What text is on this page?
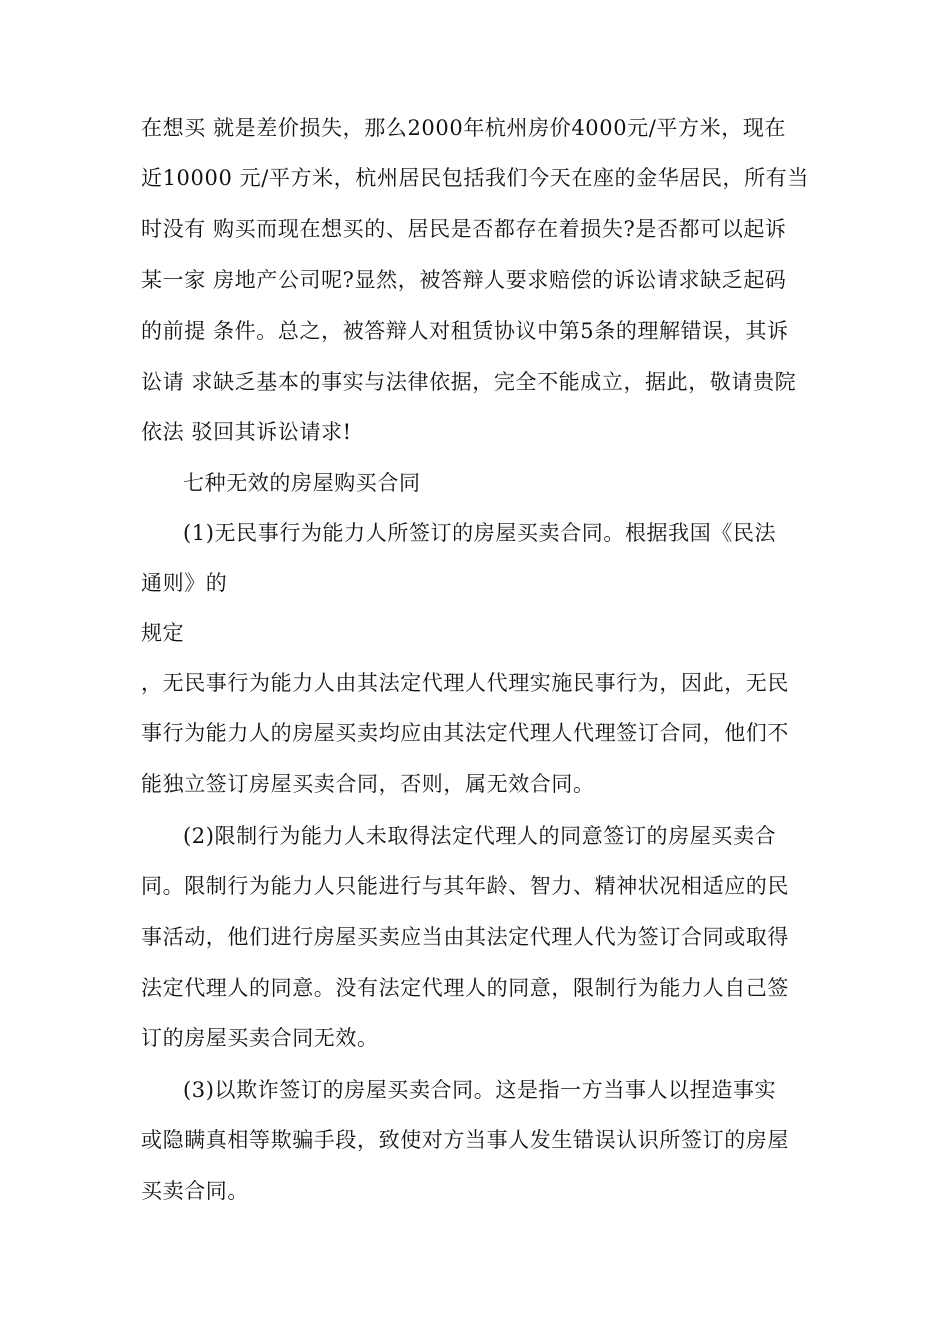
在想买 就是差价损失，那么2000年杭州房价4000元/平方米，现在
近10000 元/平方米，杭州居民包括我们今天在座的金华居民，所有当
时没有 购买而现在想买的、居民是否都存在着损失?是否都可以起诉
某一家 房地产公司呢?显然，被答辩人要求赔偿的诉讼请求缺乏起码
的前提 条件。总之，被答辩人对租赁协议中第5条的理解错误，其诉
讼请 求缺乏基本的事实与法律依据，完全不能成立，据此，敬请贵院
依法 驳回其诉讼请求!
七种无效的房屋购买合同
(1)无民事行为能力人所签订的房屋买卖合同。根据我国《民法
通则》的
规定
，无民事行为能力人由其法定代理人代理实施民事行为，因此，无民
事行为能力人的房屋买卖均应由其法定代理人代理签订合同，他们不
能独立签订房屋买卖合同，否则，属无效合同。
(2)限制行为能力人未取得法定代理人的同意签订的房屋买卖合
同。限制行为能力人只能进行与其年龄、智力、精神状况相适应的民
事活动，他们进行房屋买卖应当由其法定代理人代为签订合同或取得
法定代理人的同意。没有法定代理人的同意，限制行为能力人自己签
订的房屋买卖合同无效。
(3)以欺诈签订的房屋买卖合同。这是指一方当事人以捏造事实
或隐瞒真相等欺骗手段，致使对方当事人发生错误认识所签订的房屋
买卖合同。
